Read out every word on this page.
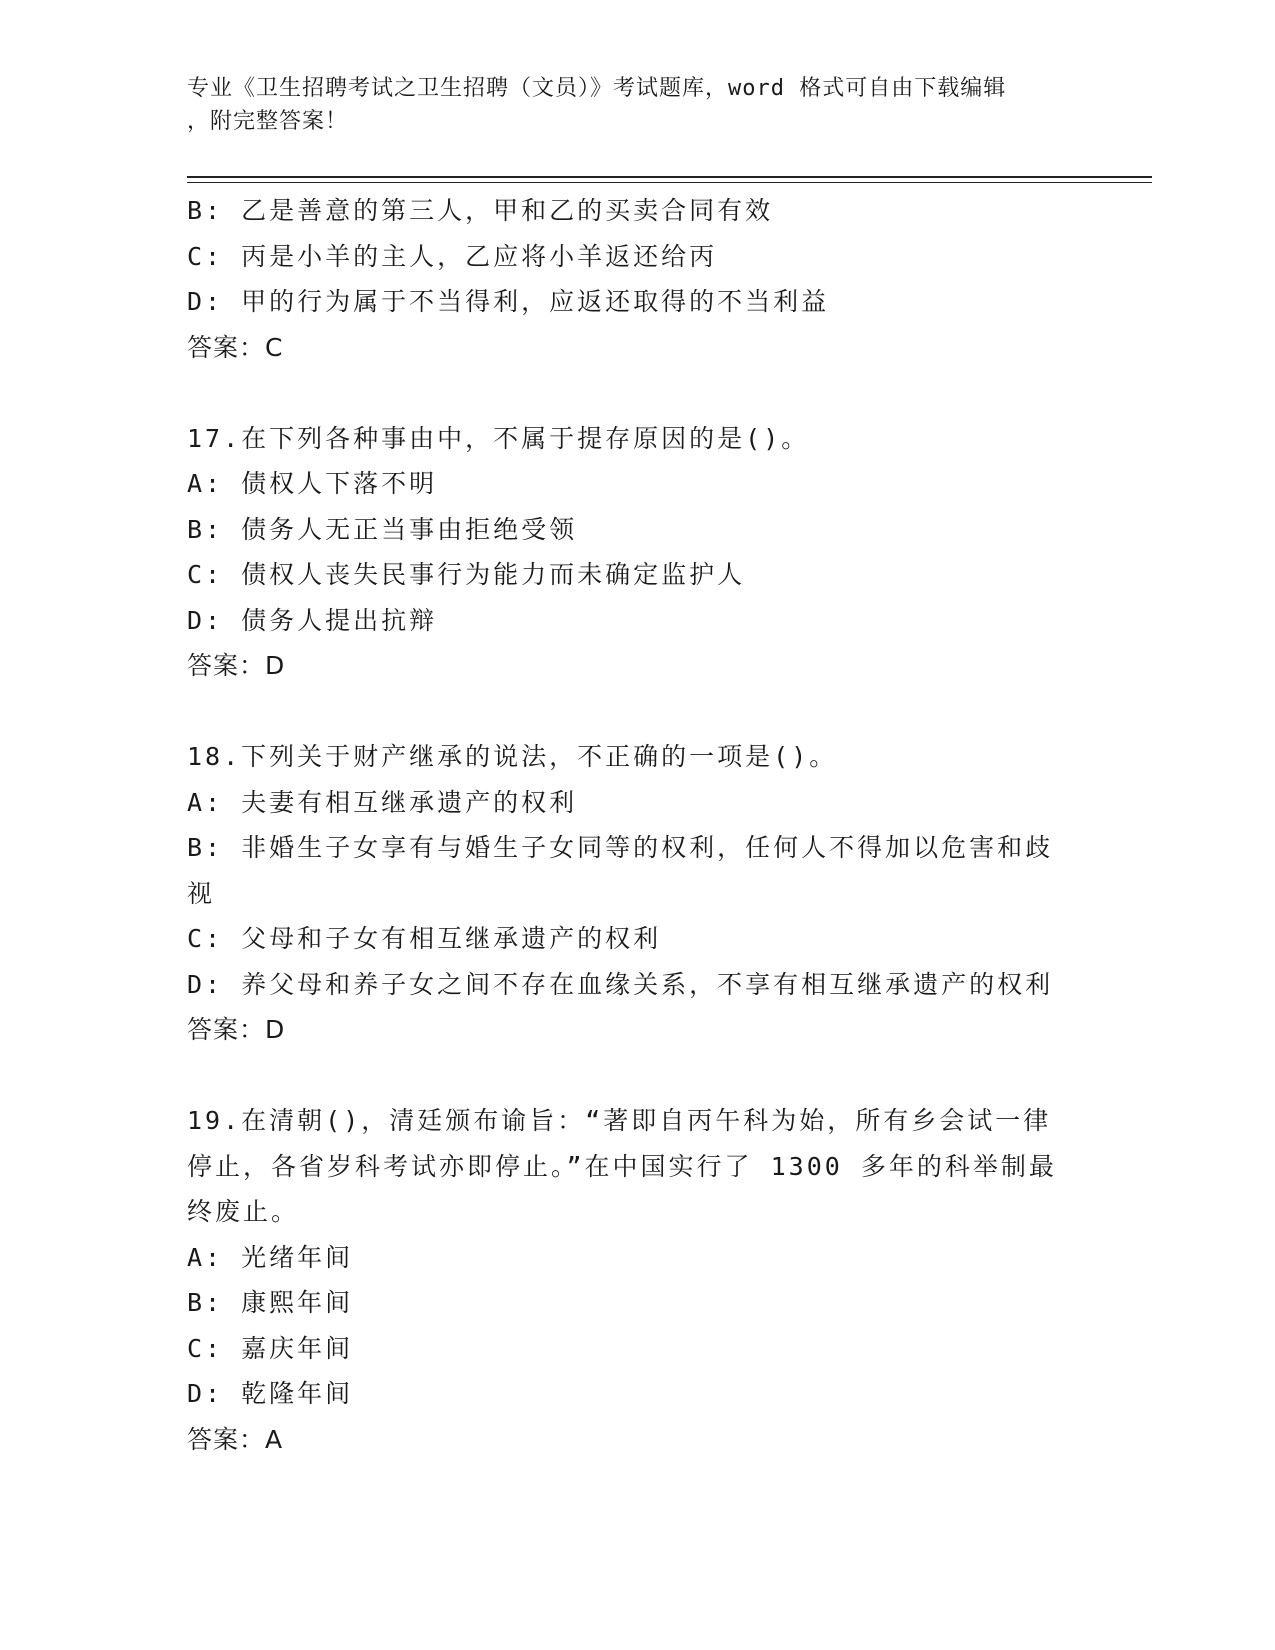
专业《卫生招聘考试之卫生招聘（文员）》考试题库，word 格式可自由下载编辑
，附完整答案！
B: 乙是善意的第三人，甲和乙的买卖合同有效
C: 丙是小羊的主人，乙应将小羊返还给丙
D: 甲的行为属于不当得利，应返还取得的不当利益
答案：C
17.在下列各种事由中，不属于提存原因的是()。
A: 债权人下落不明
B: 债务人无正当事由拒绝受领
C: 债权人丧失民事行为能力而未确定监护人
D: 债务人提出抗辩
答案：D
18.下列关于财产继承的说法，不正确的一项是()。
A: 夫妻有相互继承遗产的权利
B: 非婚生子女享有与婚生子女同等的权利，任何人不得加以危害和歧视
C: 父母和子女有相互继承遗产的权利
D: 养父母和养子女之间不存在血缘关系，不享有相互继承遗产的权利
答案：D
19.在清朝()，清廷颁布谕旨：“著即自丙午科为始，所有乡会试一律停止，各省岁科考试亦即停止。”在中国实行了 1300 多年的科举制最终废止。
A: 光绪年间
B: 康熙年间
C: 嘉庆年间
D: 乾隆年间
答案：A
